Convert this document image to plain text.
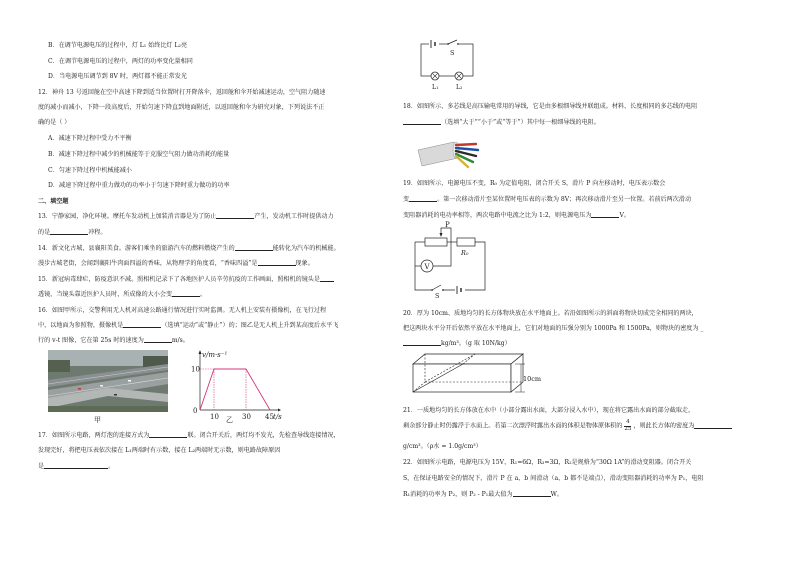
B．在调节电源电压的过程中，灯 L₁ 始终比灯 L₂亮
C．在调节电源电压的过程中，两灯的功率变化量相同
D．当电源电压调节到 8V 时，两灯都不能正常发光
12．神舟 13 号返回舱在空中高速下降到适当位置时打开降落伞，返回舱和伞开始减速运动，空气阻力随速
度的减小而减小，下降一段高度后，开始匀速下降直到地面附近，以返回舱和伞为研究对象，下列说法不正
确的是（ ）
A．减速下降过程中受力不平衡
B．减速下降过程中减少的机械能等于克服空气阻力做功消耗的能量
C．匀速下降过程中机械能减小
D．减速下降过程中重力做功的功率小于匀速下降时重力做功的功率
二、填空题
13．宁静家园，净化环境。摩托车发动机上加装消音器是为了防止	产生，发动机工作时提供动力
的是	冲程。
14．新文化古城，县襄阳美食。游客们乘坐的旅游汽车的燃料燃烧产生的	能转化为汽车的机械能。
漫步古城老街，会闻到襄阳牛肉面四溢的香味，从物理学的角度看，“香味四溢”是	现象。
15．新冠病毒肆疟，防疫意识不减。照相机记录下了各地医护人员辛劳抗疫的工作画面，照相机的镜头是
透镜，当镜头靠近医护人员时，所成像的大小会变	。
16．如图甲所示，交警利用无人机对高速公路通行情况进行实时监测。无人机上安装有摄像机，在飞行过程
中，以地面为参照物，摄像机是	（选填“运动”或“静止”）的；图乙是无人机上升到某高度后水平飞
行的 v-t 图像，它在第 25s 时的速度为	m/s。
甲
v/m·s⁻¹
10
0
10	30 45 t/s
乙
17．如图所示电路，两灯泡的连接方式为	联。闭合开关后，两灯均不发光，先检查导线连接情况，
发现完好，将把电压表依次接在 L₁两端时有示数，接在 L₂两端时无示数，则电路故障原因
是	。
S
L₁	L₂
18．如图所示，多芯线是高压输电常用的导线，它是由多根细导线并联组成。材料、长度相同的多芯线的电阻
（选填“大于”“小于”或“等于”）其中每一根细导线的电阻。
19．如图所示，电源电压不变，R₀ 为定值电阻，闭合开关 S，滑片 P 向左移动时，电压表示数会
变	。第一次移动滑片至某位置时电压表的示数为 8V；再次移动滑片至另一位置。若前后两次滑动
变阻器消耗的电功率相等，两次电路中电流之比为 1:2，则电源电压为	V。
P
R₀
V
S
20．厚为 10cm、质地均匀的长方体物块放在水平地面上。若沿如图所示的斜面将物块切成完全相同的两块，
把这两块水平分开后依然平放在水平地面上，它们对地面的压强分别为 1000Pa 和 1500Pa，则物块的密度为 _
kg/m³。（g 取 10N/kg）
10cm
21．一质地均匀的长方体放在水中（小部分露出水面，大部分浸入水中），现在将它露出水面的部分截取走，
剩余部分静止时仍露浮于水面上。若第二次漂浮时露出水面的体积是物体原体积的 $\frac{4}{25}$ ，则此长方体的密度为
g/cm³。（ρ水 = 1.0g/cm³）
22．如图所示电路，电源电压为 15V，R₁=6Ω，R₃=3Ω，R₂是规格为“30Ω 1A”的滑动变阻器。闭合开关
S，在保证电路安全的情况下，滑片 P 在 a、b 间滑动（a、b 都不是端点），滑动变阻器消耗的功率为 P₁，电阻
R₁消耗的功率为 P₂，则 P₂ - P₁最大值为	W。
